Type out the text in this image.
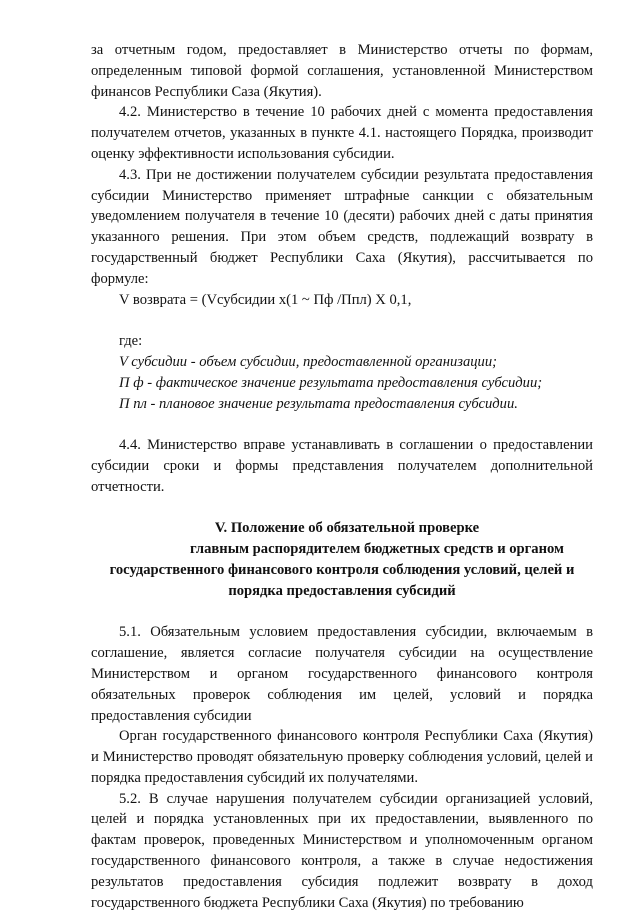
за отчетным годом, предоставляет в Министерство отчеты по формам, определенным типовой формой соглашения, установленной Министерством финансов Республики Саза (Якутия).

4.2. Министерство в течение 10 рабочих дней с момента предоставления получателем отчетов, указанных в пункте 4.1. настоящего Порядка, производит оценку эффективности использования субсидии.

4.3. При не достижении получателем субсидии результата предоставления субсидии Министерство применяет штрафные санкции с обязательным уведомлением получателя в течение 10 (десяти) рабочих дней с даты принятия указанного решения. При этом объем средств, подлежащий возврату в государственный бюджет Республики Саха (Якутия), рассчитывается по формуле:

V возврата = (Vсубсидии х(1 ~ Пф /Ппл) Х 0,1,

где:

V субсидии - объем субсидии, предоставленной организации;

П ф - фактическое значение результата предоставления субсидии;

П пл - плановое значение результата предоставления субсидии.

4.4. Министерство вправе устанавливать в соглашении о предоставлении субсидии сроки и формы представления получателем дополнительной отчетности.

V. Положение об обязательной проверке
главным распорядителем бюджетных средств и органом
государственного финансового контроля соблюдения условий, целей и
порядка предоставления субсидий

5.1. Обязательным условием предоставления субсидии, включаемым в соглашение, является согласие получателя субсидии на осуществление Министерством и органом государственного финансового контроля обязательных проверок соблюдения им целей, условий и порядка предоставления субсидии

Орган государственного финансового контроля Республики Саха (Якутия) и Министерство проводят обязательную проверку соблюдения условий, целей и порядка предоставления субсидий их получателями.

5.2. В случае нарушения получателем субсидии организацией условий, целей и порядка установленных при их предоставлении, выявленного по фактам проверок, проведенных Министерством и уполномоченным органом государственного финансового контроля, а также в случае недостижения результатов предоставления субсидия подлежит возврату в доход государственного бюджета Республики Саха (Якутия) по требованию
